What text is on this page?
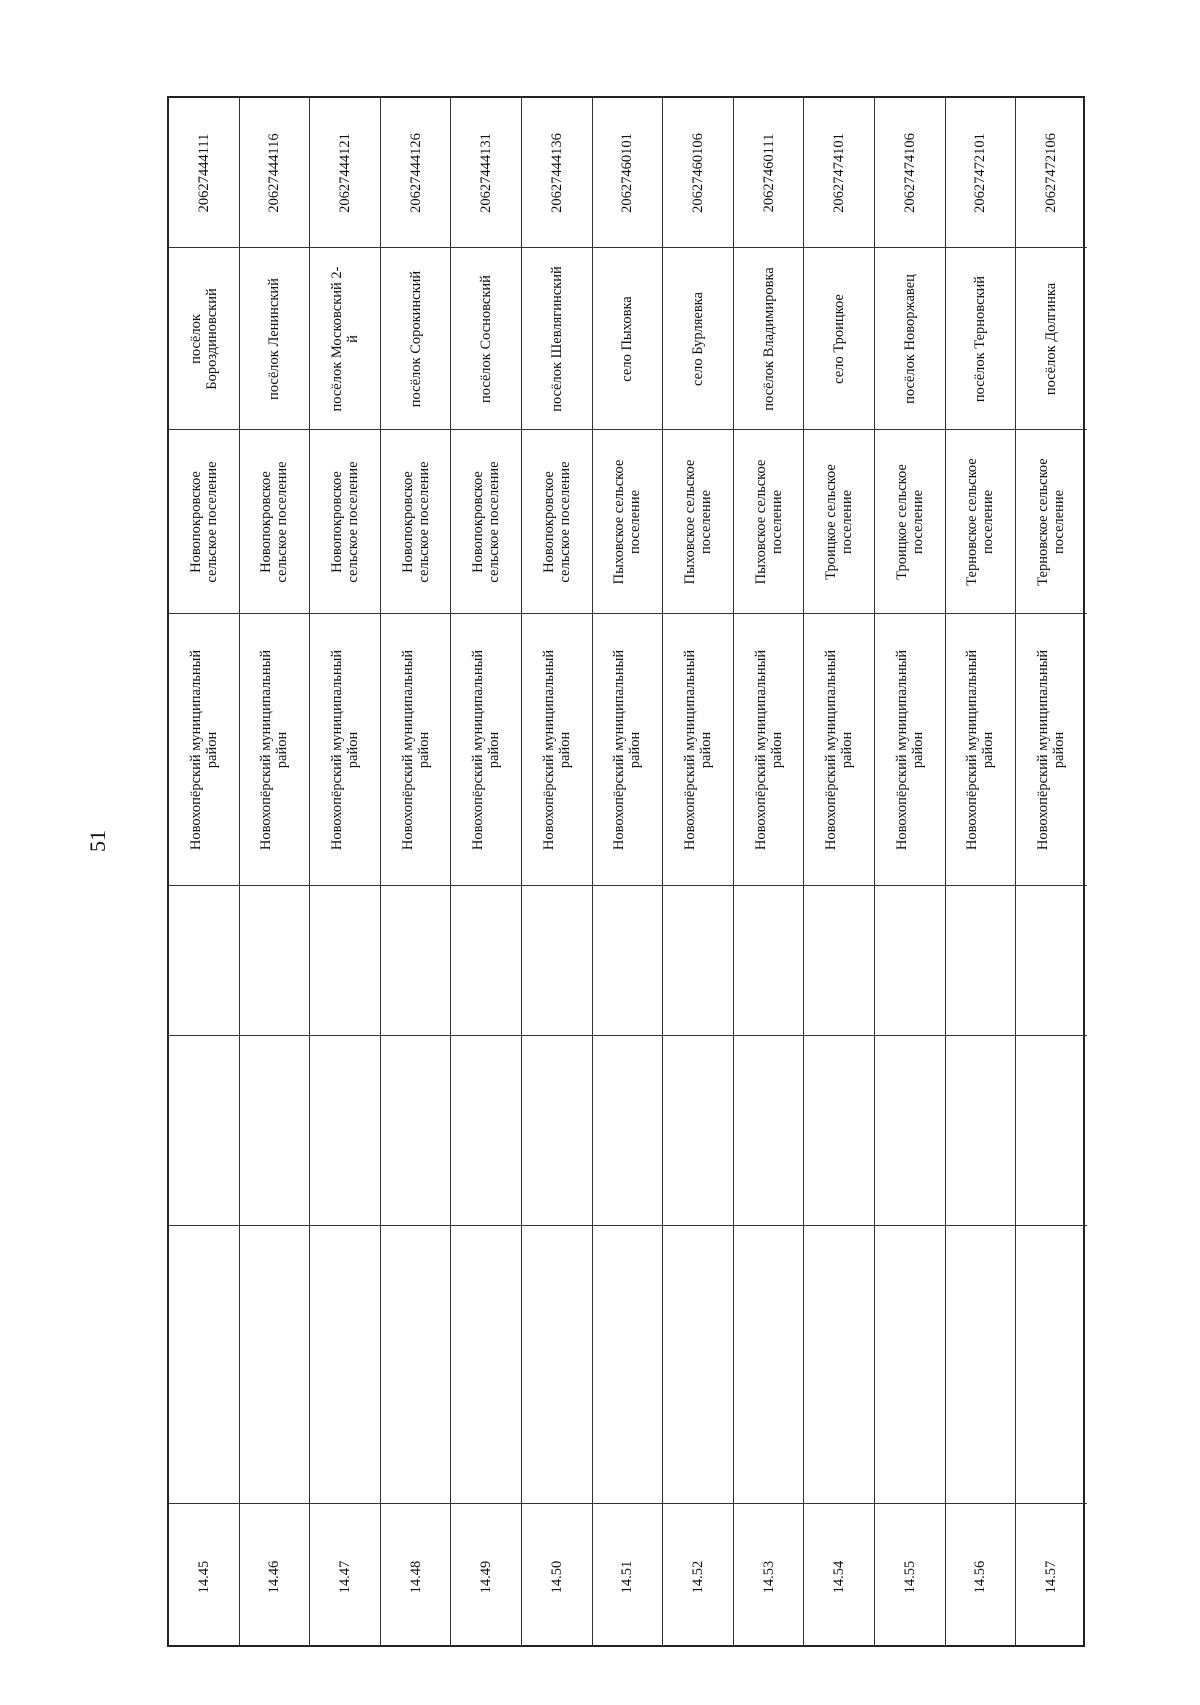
51
20627444111
посёлок Бороздиновский
Новопокровское сельское поселение
Новохопёрский муниципальный район
14.45
20627444116
посёлок Ленинский
Новопокровское сельское поселение
Новохопёрский муниципальный район
14.46
20627444121
посёлок Московский 2-й
Новопокровское сельское поселение
Новохопёрский муниципальный район
14.47
20627444126
посёлок Сорокинский
Новопокровское сельское поселение
Новохопёрский муниципальный район
14.48
20627444131
посёлок Сосновский
Новопокровское сельское поселение
Новохопёрский муниципальный район
14.49
20627444136
посёлок Шевлягинский
Новопокровское сельское поселение
Новохопёрский муниципальный район
14.50
20627460101
село Пыховка
Пыховское сельское поселение
Новохопёрский муниципальный район
14.51
20627460106
село Бурляевка
Пыховское сельское поселение
Новохопёрский муниципальный район
14.52
20627460111
посёлок Владимировка
Пыховское сельское поселение
Новохопёрский муниципальный район
14.53
20627474101
село Троицкое
Троицкое сельское поселение
Новохопёрский муниципальный район
14.54
20627474106
посёлок Новоржавец
Троицкое сельское поселение
Новохопёрский муниципальный район
14.55
20627472101
посёлок Терновский
Терновское сельское поселение
Новохопёрский муниципальный район
14.56
20627472106
посёлок Долгинка
Терновское сельское поселение
Новохопёрский муниципальный район
14.57
